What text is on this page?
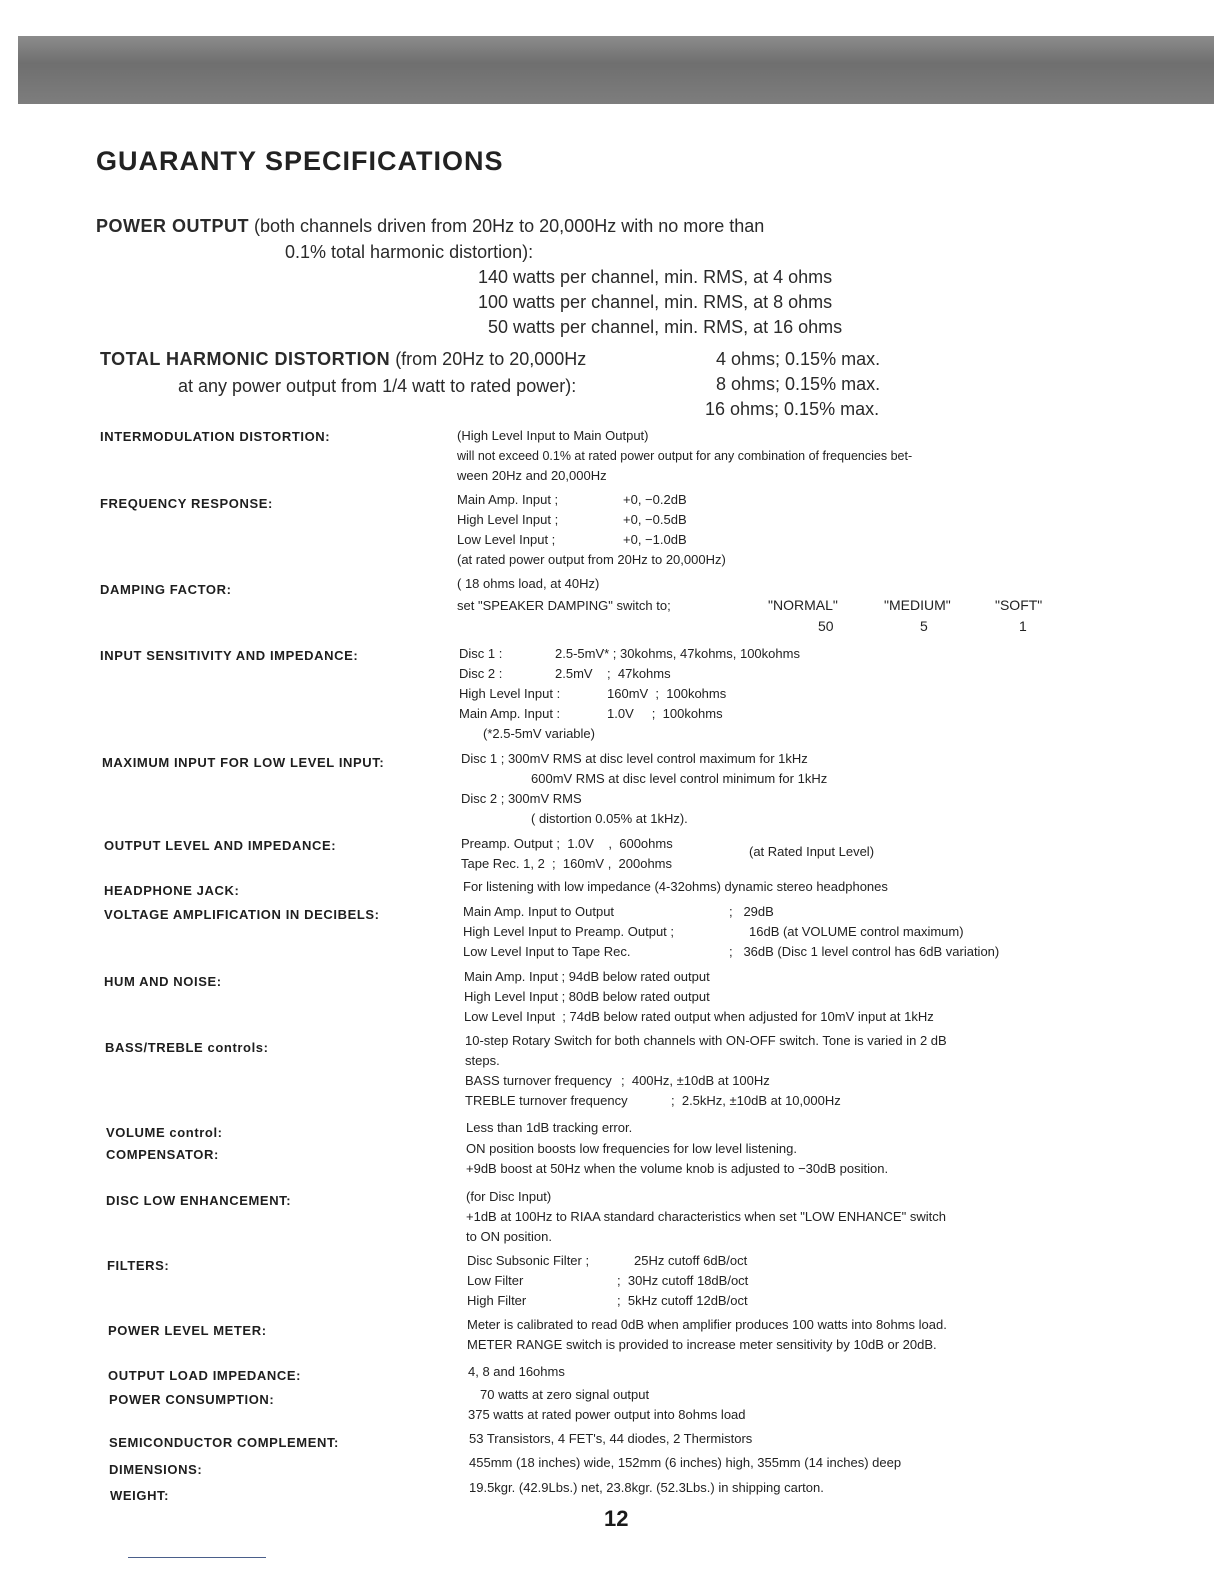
GUARANTY SPECIFICATIONS
POWER OUTPUT (both channels driven from 20Hz to 20,000Hz with no more than
0.1% total harmonic distortion):
140 watts per channel, min. RMS, at 4 ohms
100 watts per channel, min. RMS, at 8 ohms
50 watts per channel, min. RMS, at 16 ohms
TOTAL HARMONIC DISTORTION (from 20Hz to 20,000Hz
at any power output from 1/4 watt to rated power):
4 ohms; 0.15% max.
8 ohms; 0.15% max.
16 ohms; 0.15% max.
INTERMODULATION DISTORTION:	(High Level Input to Main Output)
will not exceed 0.1% at rated power output for any combination of frequencies bet-
ween 20Hz and 20,000Hz
FREQUENCY RESPONSE:	Main Amp. Input ;	+0, −0.2dB
High Level Input ;	+0, −0.5dB
Low Level Input ;	+0, −1.0dB
(at rated power output from 20Hz to 20,000Hz)
DAMPING FACTOR:	( 18 ohms load, at 40Hz)
set "SPEAKER DAMPING" switch to;	"NORMAL"	"MEDIUM"	"SOFT"
50	5	1
INPUT SENSITIVITY AND IMPEDANCE:	Disc 1 :	2.5-5mV* ; 30kohms, 47kohms, 100kohms
Disc 2 :	2.5mV    ;  47kohms
High Level Input :	160mV  ;  100kohms
Main Amp. Input :	1.0V     ;  100kohms
(*2.5-5mV variable)
MAXIMUM INPUT FOR LOW LEVEL INPUT:	Disc 1 ; 300mV RMS at disc level control maximum for 1kHz
600mV RMS at disc level control minimum for 1kHz
Disc 2 ; 300mV RMS
( distortion 0.05% at 1kHz).
OUTPUT LEVEL AND IMPEDANCE:	Preamp. Output ;  1.0V    ,  600ohms
Tape Rec. 1, 2  ;  160mV ,  200ohms
(at Rated Input Level)
HEADPHONE JACK:	For listening with low impedance (4-32ohms) dynamic stereo headphones
VOLTAGE AMPLIFICATION IN DECIBELS:	Main Amp. Input to Output	;   29dB
High Level Input to Preamp. Output ;	16dB (at VOLUME control maximum)
Low Level Input to Tape Rec.	;   36dB (Disc 1 level control has 6dB variation)
HUM AND NOISE:	Main Amp. Input ; 94dB below rated output
High Level Input ; 80dB below rated output
Low Level Input  ; 74dB below rated output when adjusted for 10mV input at 1kHz
BASS/TREBLE controls:	10-step Rotary Switch for both channels with ON-OFF switch. Tone is varied in 2 dB
steps.
BASS turnover frequency ;  400Hz, ±10dB at 100Hz
TREBLE turnover frequency	;  2.5kHz, ±10dB at 10,000Hz
VOLUME control:	Less than 1dB tracking error.
COMPENSATOR:	ON position boosts low frequencies for low level listening.
+9dB boost at 50Hz when the volume knob is adjusted to −30dB position.
DISC LOW ENHANCEMENT:	(for Disc Input)
+1dB at 100Hz to RIAA standard characteristics when set "LOW ENHANCE" switch
to ON position.
FILTERS:	Disc Subsonic Filter ;	25Hz cutoff 6dB/oct
Low Filter	;  30Hz cutoff 18dB/oct
High Filter	;  5kHz cutoff 12dB/oct
POWER LEVEL METER:	Meter is calibrated to read 0dB when amplifier produces 100 watts into 8ohms load.
METER RANGE switch is provided to increase meter sensitivity by 10dB or 20dB.
OUTPUT LOAD IMPEDANCE:	4, 8 and 16ohms
POWER CONSUMPTION:	70 watts at zero signal output
375 watts at rated power output into 8ohms load
SEMICONDUCTOR COMPLEMENT:	53 Transistors, 4 FET's, 44 diodes, 2 Thermistors
DIMENSIONS:	455mm (18 inches) wide, 152mm (6 inches) high, 355mm (14 inches) deep
WEIGHT:
19.5kgr. (42.9Lbs.) net, 23.8kgr. (52.3Lbs.) in shipping carton.
12
